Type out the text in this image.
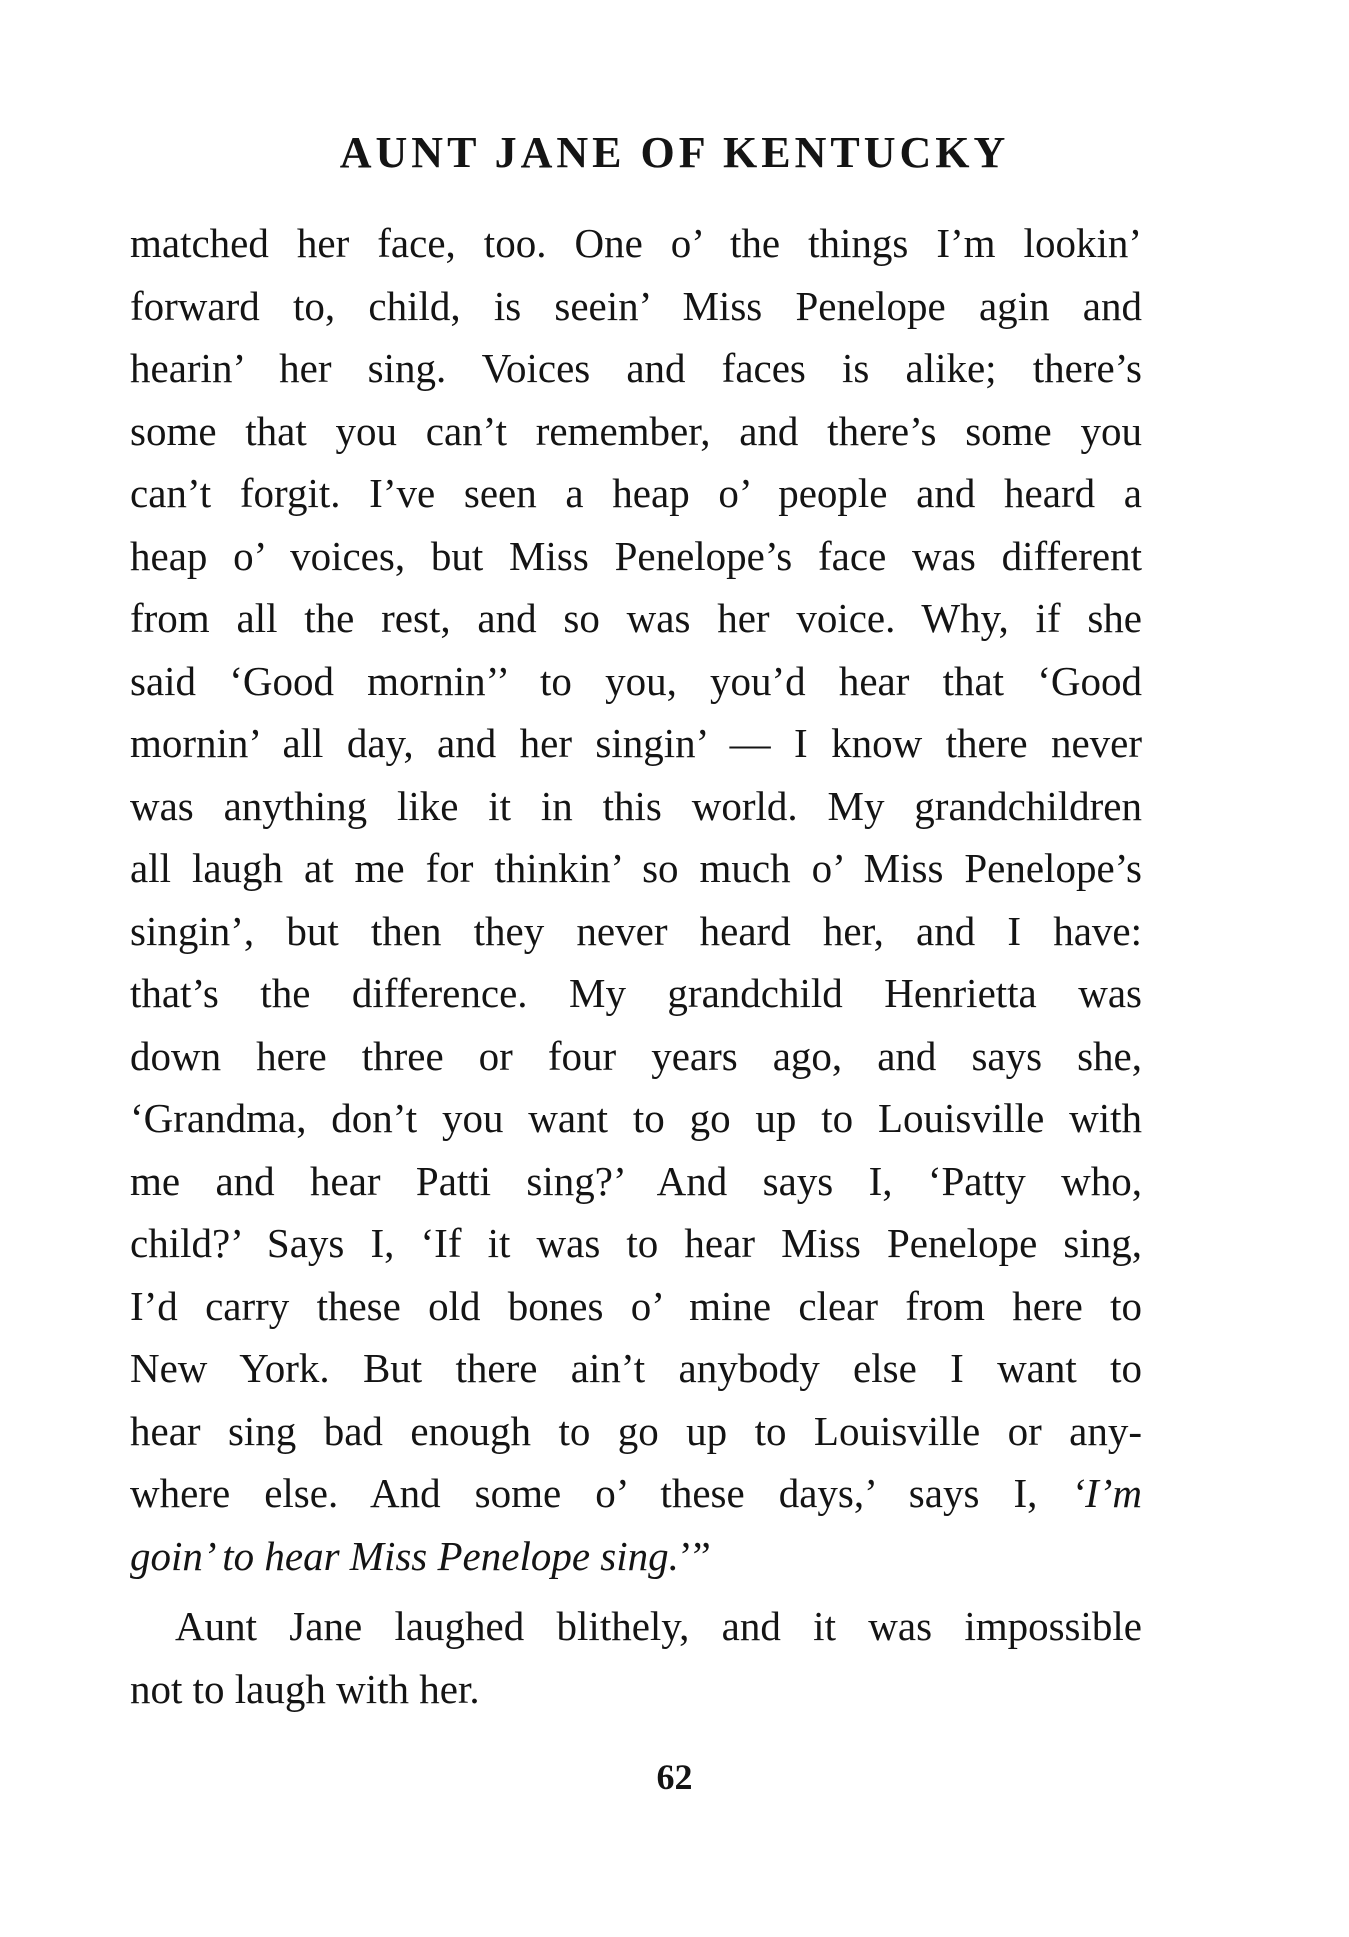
AUNT JANE OF KENTUCKY
matched her face, too. One o’ the things I’m lookin’
forward to, child, is seein’ Miss Penelope agin and
hearin’ her sing. Voices and faces is alike; there’s
some that you can’t remember, and there’s some you
can’t forgit. I’ve seen a heap o’ people and heard a
heap o’ voices, but Miss Penelope’s face was different
from all the rest, and so was her voice. Why, if she
said ‘Good mornin’’ to you, you’d hear that ‘Good
mornin’ all day, and her singin’ — I know there never
was anything like it in this world. My grandchildren
all laugh at me for thinkin’ so much o’ Miss Penelope’s
singin’, but then they never heard her, and I have:
that’s the difference. My grandchild Henrietta was
down here three or four years ago, and says she,
‘Grandma, don’t you want to go up to Louisville with
me and hear Patti sing?’ And says I, ‘Patty who,
child?’ Says I, ‘If it was to hear Miss Penelope sing,
I’d carry these old bones o’ mine clear from here to
New York. But there ain’t anybody else I want to
hear sing bad enough to go up to Louisville or any-
where else. And some o’ these days,’ says I, ‘I’m
goin’ to hear Miss Penelope sing.’”
Aunt Jane laughed blithely, and it was impossible
not to laugh with her.
62
